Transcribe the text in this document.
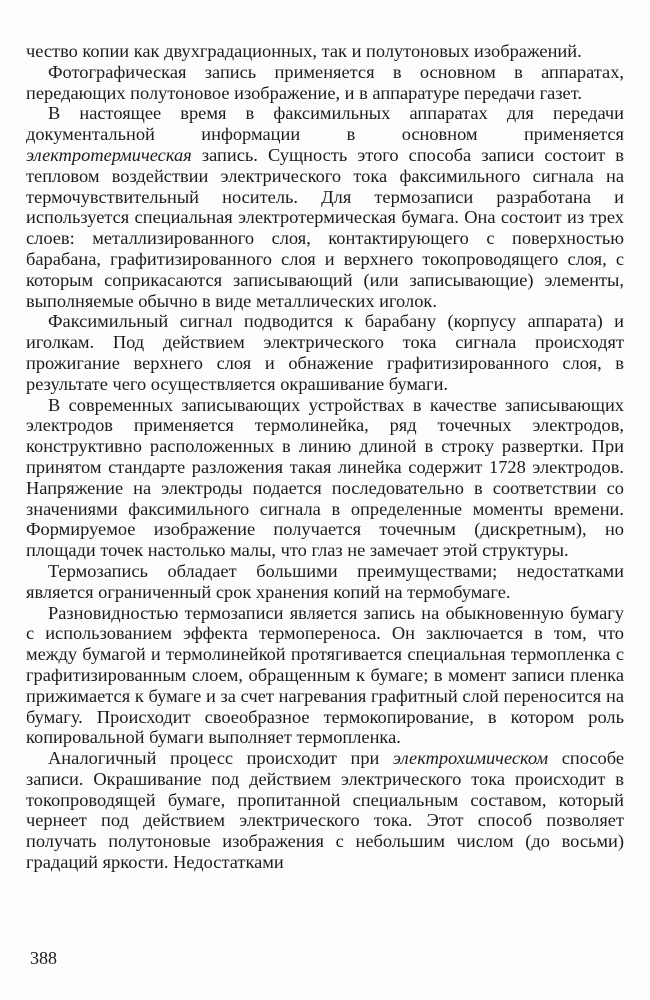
чество копии как двухградационных, так и полутоновых изображений.

Фотографическая запись применяется в основном в аппаратах, передающих полутоновое изображение, и в аппаратуре передачи газет.

В настоящее время в факсимильных аппаратах для передачи документальной информации в основном применяется электротермическая запись. Сущность этого способа записи состоит в тепловом воздействии электрического тока факсимильного сигнала на термочувствительный носитель. Для термозаписи разработана и используется специальная электротермическая бумага. Она состоит из трех слоев: металлизированного слоя, контактирующего с поверхностью барабана, графитизированного слоя и верхнего токопроводящего слоя, с которым соприкасаются записывающий (или записывающие) элементы, выполняемые обычно в виде металлических иголок.

Факсимильный сигнал подводится к барабану (корпусу аппарата) и иголкам. Под действием электрического тока сигнала происходят прожигание верхнего слоя и обнажение графитизированного слоя, в результате чего осуществляется окрашивание бумаги.

В современных записывающих устройствах в качестве записывающих электродов применяется термолинейка, ряд точечных электродов, конструктивно расположенных в линию длиной в строку развертки. При принятом стандарте разложения такая линейка содержит 1728 электродов. Напряжение на электроды подается последовательно в соответствии со значениями факсимильного сигнала в определенные моменты времени. Формируемое изображение получается точечным (дискретным), но площади точек настолько малы, что глаз не замечает этой структуры.

Термозапись обладает большими преимуществами; недостатками является ограниченный срок хранения копий на термобумаге.

Разновидностью термозаписи является запись на обыкновенную бумагу с использованием эффекта термопереноса. Он заключается в том, что между бумагой и термолинейкой протягивается специальная термопленка с графитизированным слоем, обращенным к бумаге; в момент записи пленка прижимается к бумаге и за счет нагревания графитный слой переносится на бумагу. Происходит своеобразное термокопирование, в котором роль копировальной бумаги выполняет термопленка.

Аналогичный процесс происходит при электрохимическом способе записи. Окрашивание под действием электрического тока происходит в токопроводящей бумаге, пропитанной специальным составом, который чернеет под действием электрического тока. Этот способ позволяет получать полутоновые изображения с небольшим числом (до восьми) градаций яркости. Недостатками

388
